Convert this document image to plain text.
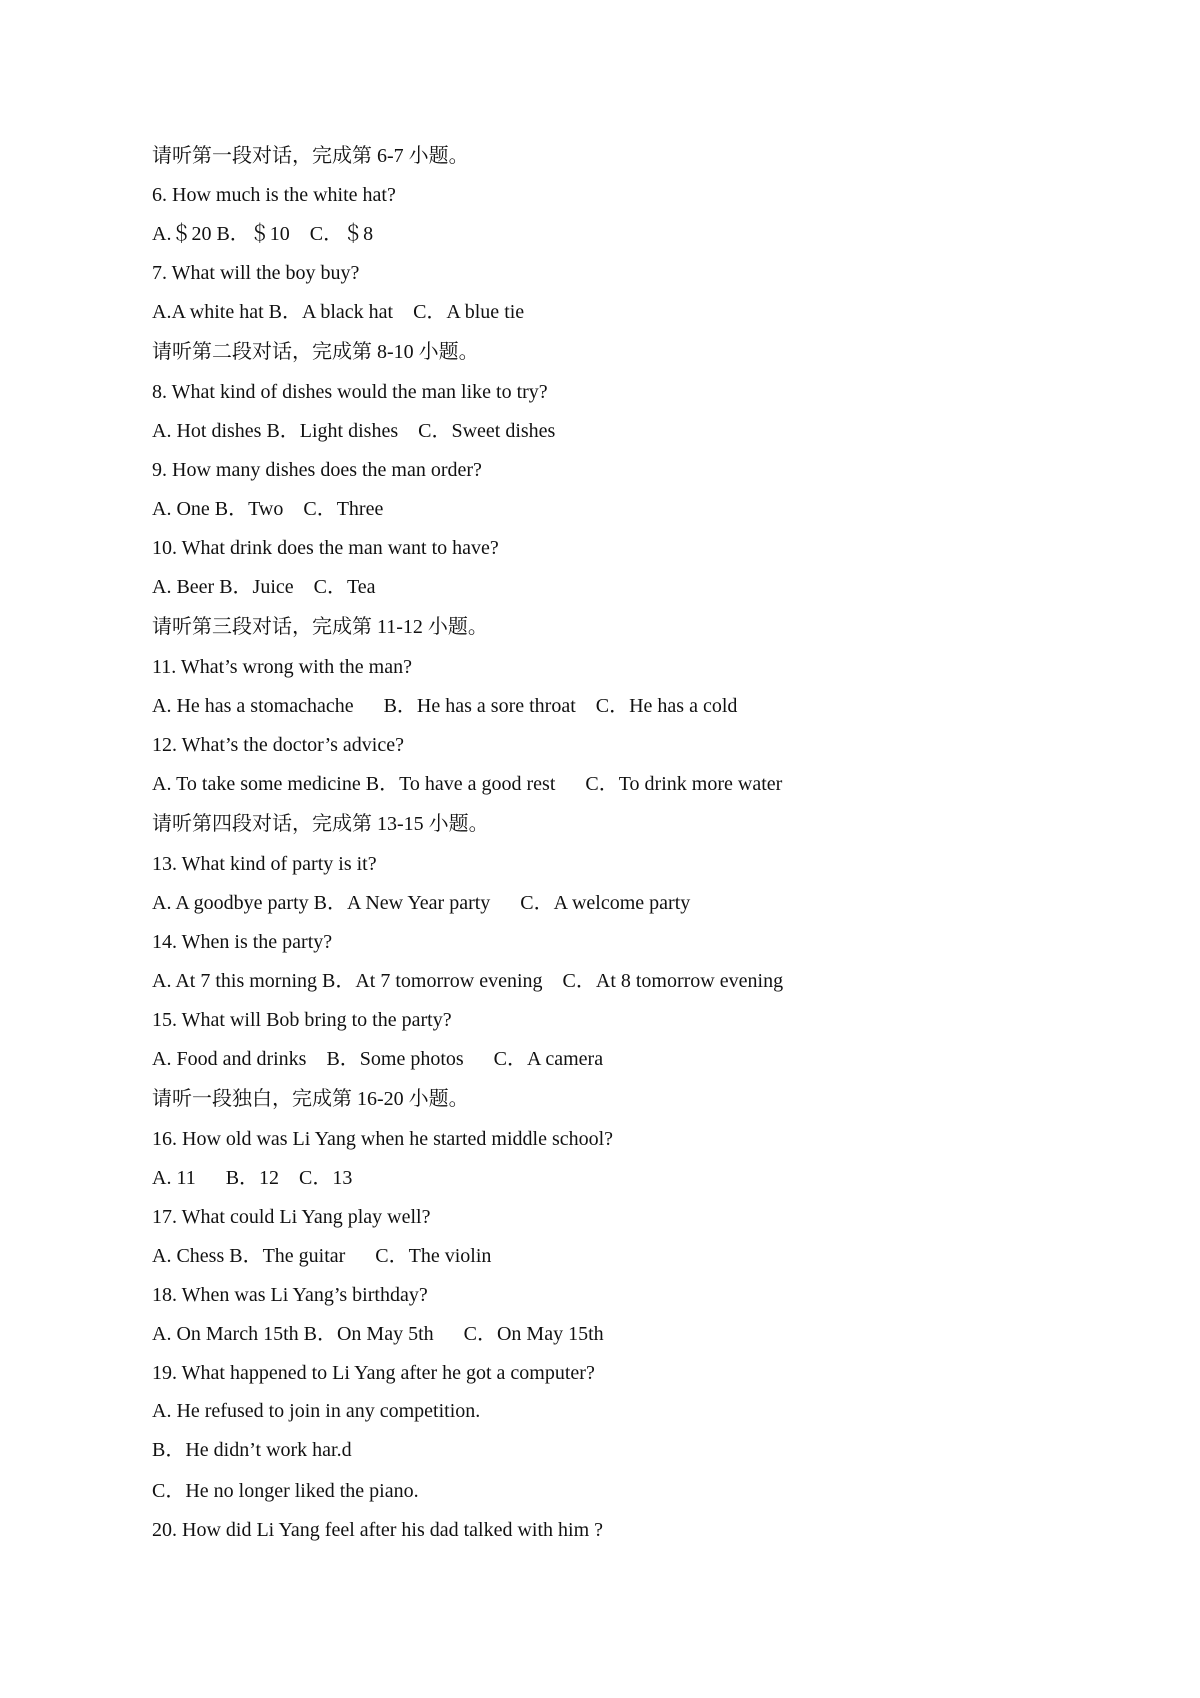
请听第一段对话，完成第 6-7 小题。
6. How much is the white hat?
A.＄20 B．＄10    C．＄8
7. What will the boy buy?
A.A white hat B．A black hat    C．A blue tie
请听第二段对话，完成第 8-10 小题。
8. What kind of dishes would the man like to try?
A. Hot dishes B．Light dishes    C．Sweet dishes
9. How many dishes does the man order?
A. One B．Two    C．Three
10. What drink does the man want to have?
A. Beer B．Juice    C．Tea
请听第三段对话，完成第 11-12 小题。
11. What’s wrong with the man?
A. He has a stomachache      B．He has a sore throat    C．He has a cold
12. What’s the doctor’s advice?
A. To take some medicine B．To have a good rest      C．To drink more water
请听第四段对话，完成第 13-15 小题。
13. What kind of party is it?
A. A goodbye party B．A New Year party      C．A welcome party
14. When is the party?
A. At 7 this morning B．At 7 tomorrow evening    C．At 8 tomorrow evening
15. What will Bob bring to the party?
A. Food and drinks    B．Some photos      C．A camera
请听一段独白，完成第 16-20 小题。
16. How old was Li Yang when he started middle school?
A. 11      B．12    C．13
17. What could Li Yang play well?
A. Chess B．The guitar      C．The violin
18. When was Li Yang’s birthday?
A. On March 15th B．On May 5th      C．On May 15th
19. What happened to Li Yang after he got a computer?
A. He refused to join in any competition.
B．He didn’t work har.d
C．He no longer liked the piano.
20. How did Li Yang feel after his dad talked with him ?
